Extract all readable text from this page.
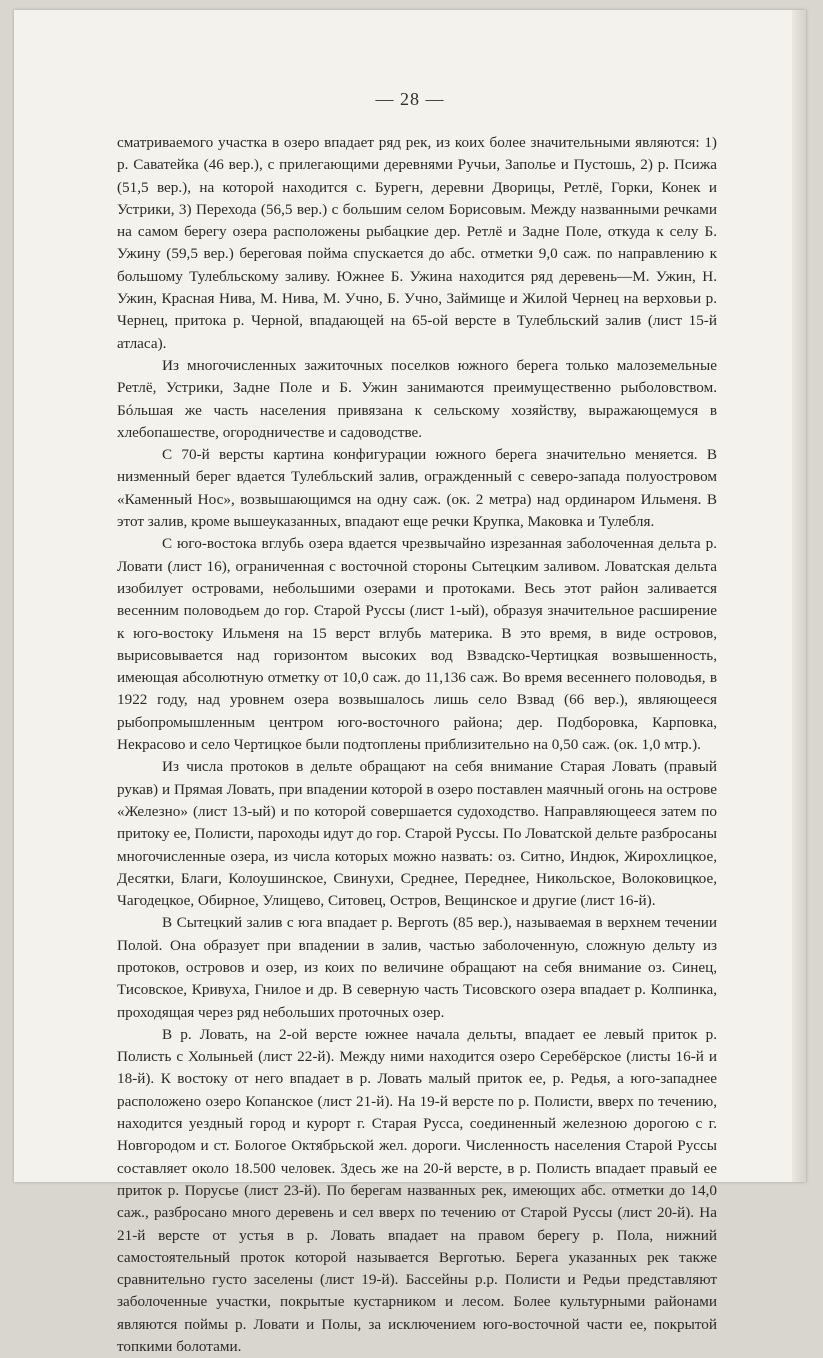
— 28 —

сматриваемого участка в озеро впадает ряд рек, из коих более значительными являются: 1) р. Саватейка (46 вер.), с прилегающими деревнями Ручьи, Заполье и Пустошь, 2) р. Псижа (51,5 вер.), на которой находится с. Бурегн, деревни Дворицы, Ретлё, Горки, Конек и Устрики, 3) Перехода (56,5 вер.) с большим селом Борисовым. Между названными речками на самом берегу озера расположены рыбацкие дер. Ретлё и Задне Поле, откуда к селу Б. Ужину (59,5 вер.) береговая пойма спускается до абс. отметки 9,0 саж. по направлению к большому Тулебльскому заливу. Южнее Б. Ужина находится ряд деревень—М. Ужин, Н. Ужин, Красная Нива, М. Нива, М. Учно, Б. Учно, Займище и Жилой Чернец на верховьи р. Чернец, притока р. Черной, впадающей на 65-ой версте в Тулебльский залив (лист 15-й атласа).

Из многочисленных зажиточных поселков южного берега только малоземельные Ретлё, Устрики, Задне Поле и Б. Ужин занимаются преимущественно рыболовством. Бóльшая же часть населения привязана к сельскому хозяйству, выражающемуся в хлебопашестве, огородничестве и садоводстве.

С 70-й версты картина конфигурации южного берега значительно меняется. В низменный берег вдается Тулебльский залив, огражденный с северо-запада полуостровом «Каменный Нос», возвышающимся на одну саж. (ок. 2 метра) над ординаром Ильменя. В этот залив, кроме вышеуказанных, впадают еще речки Крупка, Маковка и Тулебля.

С юго-востока вглубь озера вдается чрезвычайно изрезанная заболоченная дельта р. Ловати (лист 16), ограниченная с восточной стороны Сытецким заливом. Ловатская дельта изобилует островами, небольшими озерами и протоками. Весь этот район заливается весенним половодьем до гор. Старой Руссы (лист 1-ый), образуя значительное расширение к юго-востоку Ильменя на 15 верст вглубь материка. В это время, в виде островов, вырисовывается над горизонтом высоких вод Взвадско-Чертицкая возвышенность, имеющая абсолютную отметку от 10,0 саж. до 11,136 саж. Во время весеннего половодья, в 1922 году, над уровнем озера возвышалось лишь село Взвад (66 вер.), являющееся рыбопромышленным центром юго-восточного района; дер. Подборовка, Карповка, Некрасово и село Чертицкое были подтоплены приблизительно на 0,50 саж. (ок. 1,0 мтр.).

Из числа протоков в дельте обращают на себя внимание Старая Ловать (правый рукав) и Прямая Ловать, при впадении которой в озеро поставлен маячный огонь на острове «Железно» (лист 13-ый) и по которой совершается судоходство. Направляющееся затем по притоку ее, Полисти, пароходы идут до гор. Старой Руссы. По Ловатской дельте разбросаны многочисленные озера, из числа которых можно назвать: оз. Ситно, Индюк, Жирохлицкое, Десятки, Благи, Колоушинское, Свинухи, Среднее, Переднее, Никольское, Волоковицкое, Чагодецкое, Обирное, Улищево, Ситовец, Остров, Вещинское и другие (лист 16-й).

В Сытецкий залив с юга впадает р. Верготь (85 вер.), называемая в верхнем течении Полой. Она образует при впадении в залив, частью заболоченную, сложную дельту из протоков, островов и озер, из коих по величине обращают на себя внимание оз. Синец, Тисовское, Кривуха, Гнилое и др. В северную часть Тисовского озера впадает р. Колпинка, проходящая через ряд небольших проточных озер.

В р. Ловать, на 2-ой версте южнее начала дельты, впадает ее левый приток р. Полисть с Холыньей (лист 22-й). Между ними находится озеро Серебёрское (листы 16-й и 18-й). К востоку от него впадает в р. Ловать малый приток ее, р. Редья, а юго-западнее расположено озеро Копанское (лист 21-й). На 19-й версте по р. Полисти, вверх по течению, находится уездный город и курорт г. Старая Русса, соединенный железною дорогою с г. Новгородом и ст. Бологое Октябрьской жел. дороги. Численность населения Старой Руссы составляет около 18.500 человек. Здесь же на 20-й версте, в р. Полисть впадает правый ее приток р. Порусье (лист 23-й). По берегам названных рек, имеющих абс. отметки до 14,0 саж., разбросано много деревень и сел вверх по течению от Старой Руссы (лист 20-й). На 21-й версте от устья в р. Ловать впадает на правом берегу р. Пола, нижний самостоятельный проток которой называется Верготью. Берега указанных рек также сравнительно густо заселены (лист 19-й). Бассейны р.р. Полисти и Редьи представляют заболоченные участки, покрытые кустарником и лесом. Более культурными районами являются поймы р. Ловати и Полы, за исключением юго-восточной части ее, покрытой топкими болотами.
